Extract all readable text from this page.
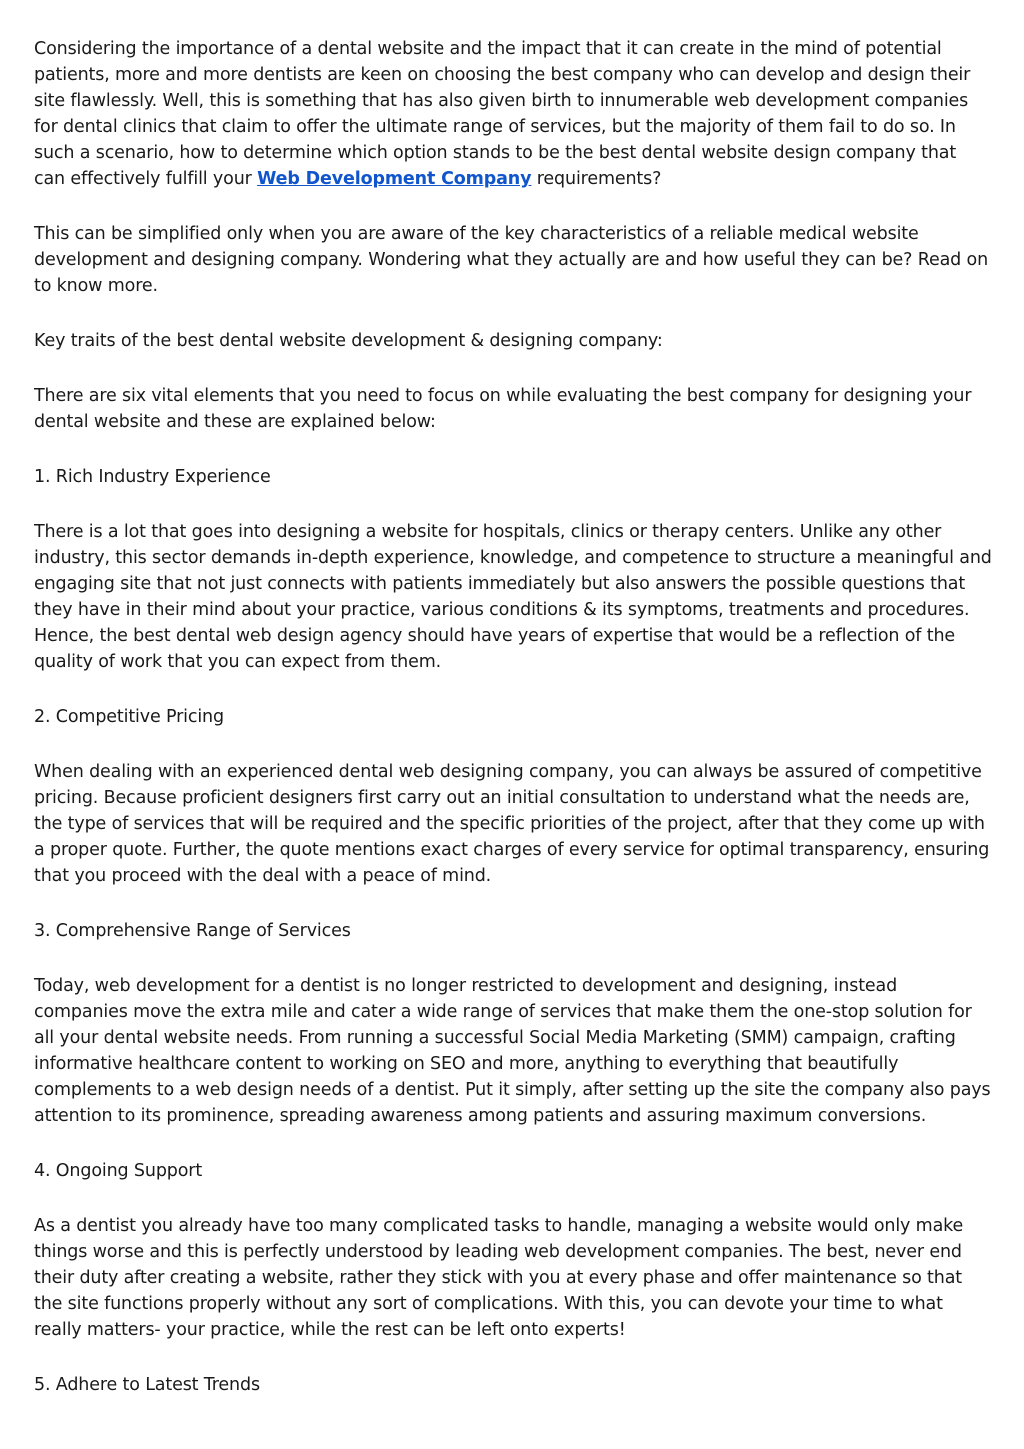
Considering the importance of a dental website and the impact that it can create in the mind of potential patients, more and more dentists are keen on choosing the best company who can develop and design their site flawlessly. Well, this is something that has also given birth to innumerable web development companies for dental clinics that claim to offer the ultimate range of services, but the majority of them fail to do so. In such a scenario, how to determine which option stands to be the best dental website design company that can effectively fulfill your Web Development Company requirements?

This can be simplified only when you are aware of the key characteristics of a reliable medical website development and designing company. Wondering what they actually are and how useful they can be? Read on to know more.

Key traits of the best dental website development & designing company:

There are six vital elements that you need to focus on while evaluating the best company for designing your dental website and these are explained below:

1. Rich Industry Experience

There is a lot that goes into designing a website for hospitals, clinics or therapy centers. Unlike any other industry, this sector demands in-depth experience, knowledge, and competence to structure a meaningful and engaging site that not just connects with patients immediately but also answers the possible questions that they have in their mind about your practice, various conditions & its symptoms, treatments and procedures. Hence, the best dental web design agency should have years of expertise that would be a reflection of the quality of work that you can expect from them.

2. Competitive Pricing

When dealing with an experienced dental web designing company, you can always be assured of competitive pricing. Because proficient designers first carry out an initial consultation to understand what the needs are, the type of services that will be required and the specific priorities of the project, after that they come up with a proper quote. Further, the quote mentions exact charges of every service for optimal transparency, ensuring that you proceed with the deal with a peace of mind.

3. Comprehensive Range of Services

Today, web development for a dentist is no longer restricted to development and designing, instead companies move the extra mile and cater a wide range of services that make them the one-stop solution for all your dental website needs. From running a successful Social Media Marketing (SMM) campaign, crafting informative healthcare content to working on SEO and more, anything to everything that beautifully complements to a web design needs of a dentist. Put it simply, after setting up the site the company also pays attention to its prominence, spreading awareness among patients and assuring maximum conversions.

4. Ongoing Support

As a dentist you already have too many complicated tasks to handle, managing a website would only make things worse and this is perfectly understood by leading web development companies. The best, never end their duty after creating a website, rather they stick with you at every phase and offer maintenance so that the site functions properly without any sort of complications. With this, you can devote your time to what really matters- your practice, while the rest can be left onto experts!

5. Adhere to Latest Trends
